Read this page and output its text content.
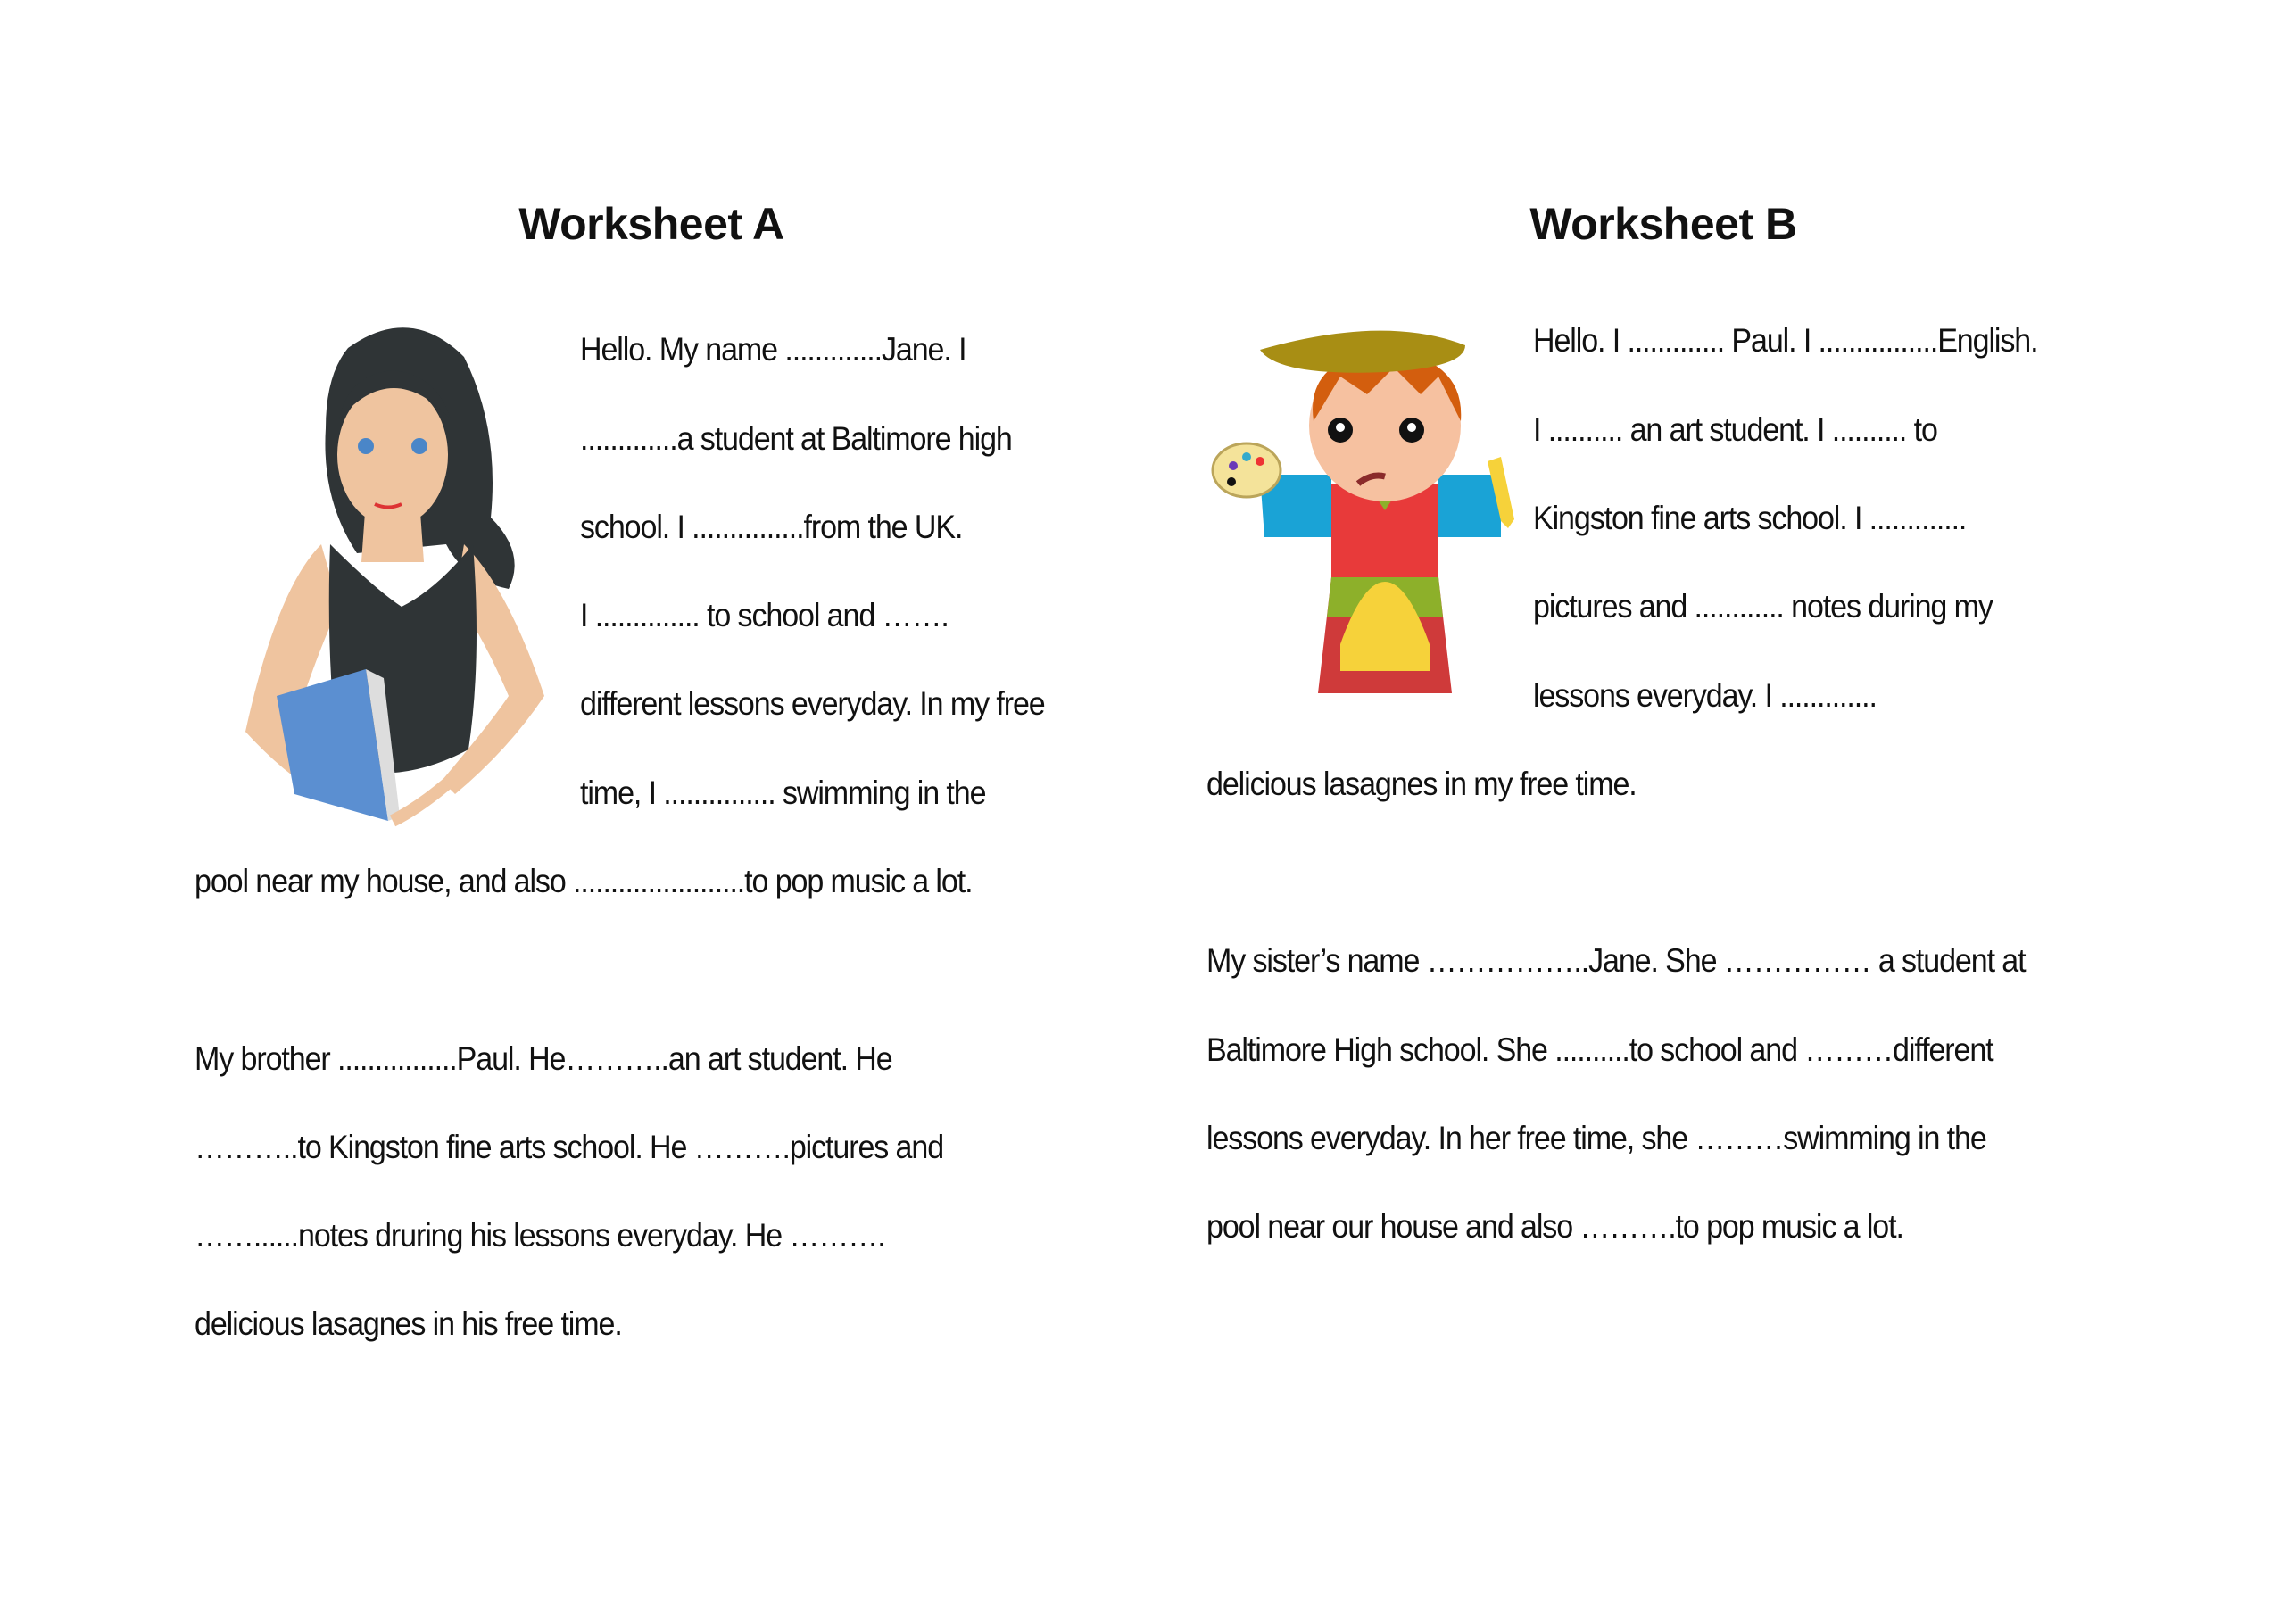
Worksheet A
Hello. My name .............Jane. I
.............a student at Baltimore high
school. I ...............from the UK.
I .............. to school and …….
different lessons everyday. In my free
time, I ............... swimming in the
pool near my house, and also .......................to pop music a lot.
My brother ................Paul. He………..an art student. He
………..to Kingston fine arts school. He ……….pictures and
……......notes druring his lessons everyday. He ……….
delicious lasagnes in his free time.
Worksheet B
Hello. I ............. Paul. I ................English.
I .......... an art student. I .......... to
Kingston fine arts school. I .............
pictures and ............ notes during my
lessons everyday. I .............
delicious lasagnes in my free time.
My sister’s name ……………..Jane. She …………… a student at
Baltimore High school. She ..........to school and ………different
lessons everyday. In her free time, she ………swimming in the
pool near our house and also ……….to pop music a lot.
